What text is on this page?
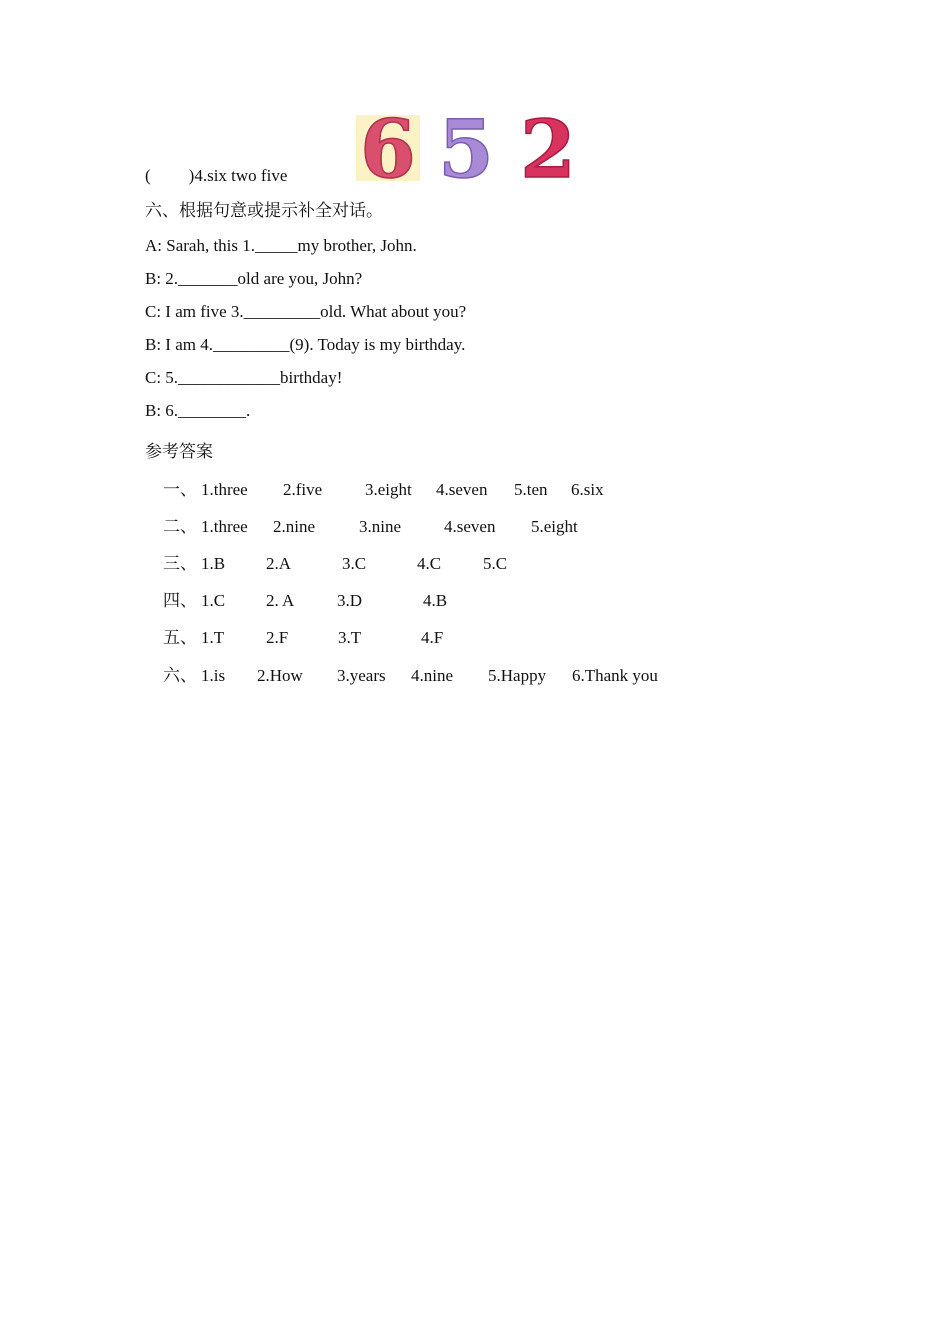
( )4.six two five 6 5 2
六、根据句意或提示补全对话。
A: Sarah, this 1._____my brother, John.
B: 2._______old are you, John?
C: I am five 3._________old. What about you?
B: I am 4._________(9). Today is my birthday.
C: 5.____________birthday!
B: 6.________.
参考答案
一、 1.three 2.five	3.eight 4.seven 5.ten 6.six
二、 1.three 2.nine	3.nine	4.seven 5.eight
三、 1.B 2.A	3.C	4.C 5.C
四、 1.C 2. A	3.D	4.B
五、 1.T 2.F	3.T	4.F
六、 1.is 2.How 3.years 4.nine 5.Happy 6.Thank you
